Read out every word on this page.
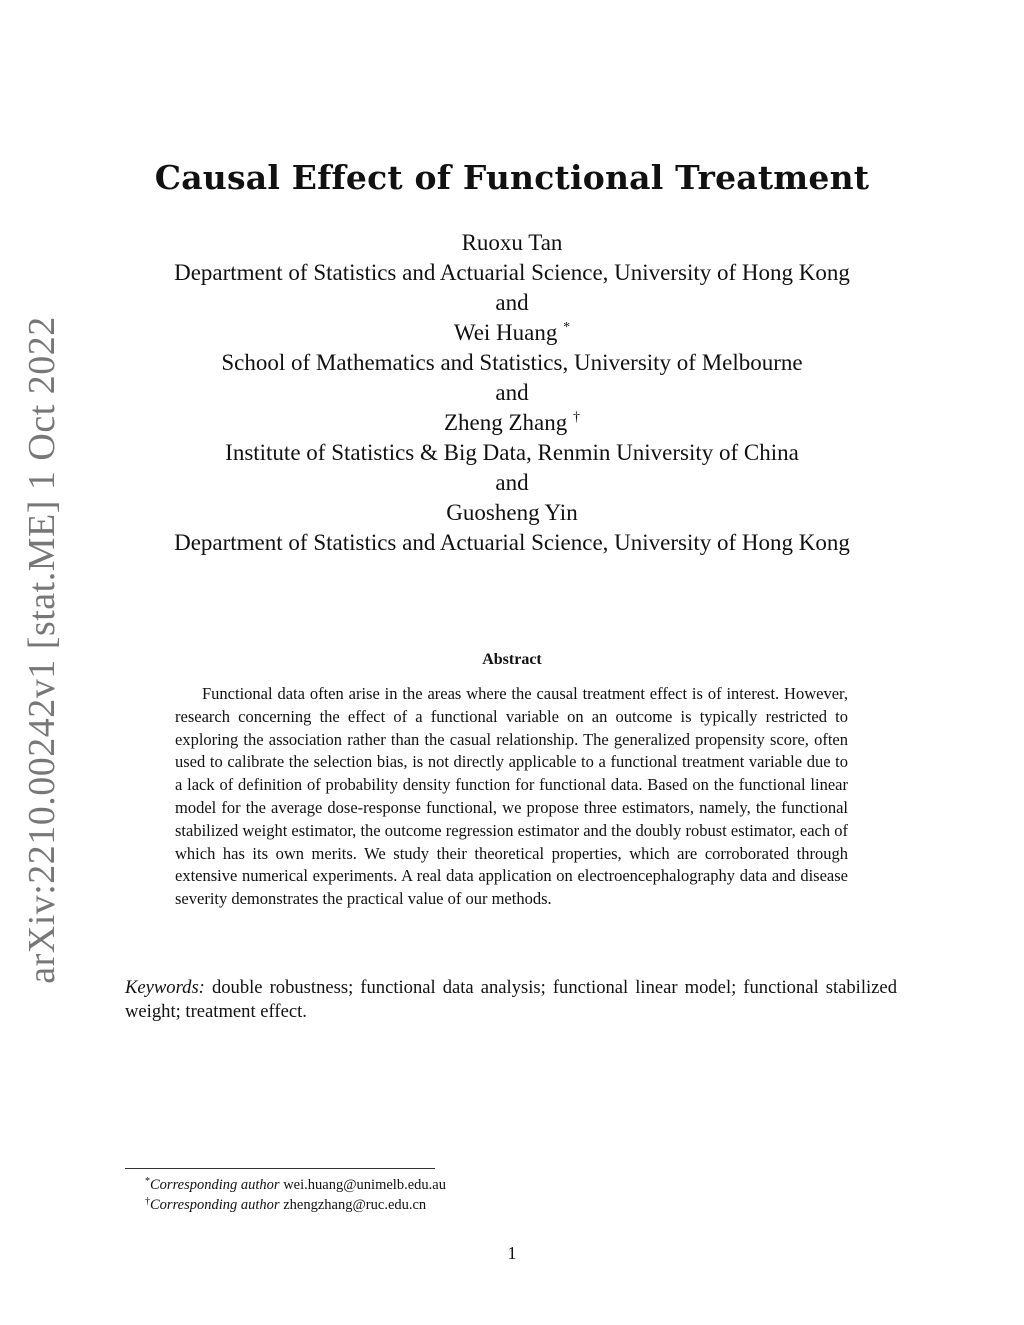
arXiv:2210.00242v1 [stat.ME] 1 Oct 2022
Causal Effect of Functional Treatment
Ruoxu Tan
Department of Statistics and Actuarial Science, University of Hong Kong
and
Wei Huang *
School of Mathematics and Statistics, University of Melbourne
and
Zheng Zhang †
Institute of Statistics & Big Data, Renmin University of China
and
Guosheng Yin
Department of Statistics and Actuarial Science, University of Hong Kong
Abstract
Functional data often arise in the areas where the causal treatment effect is of interest. However, research concerning the effect of a functional variable on an outcome is typically restricted to exploring the association rather than the casual relationship. The generalized propensity score, often used to calibrate the selection bias, is not directly applicable to a functional treatment variable due to a lack of definition of probability density function for functional data. Based on the functional linear model for the average dose-response functional, we propose three estimators, namely, the functional stabilized weight estimator, the outcome regression estimator and the doubly robust estimator, each of which has its own merits. We study their theoretical properties, which are corroborated through extensive numerical experiments. A real data application on electroencephalography data and disease severity demonstrates the practical value of our methods.
Keywords: double robustness; functional data analysis; functional linear model; functional stabilized weight; treatment effect.
*Corresponding author wei.huang@unimelb.edu.au
†Corresponding author zhengzhang@ruc.edu.cn
1
